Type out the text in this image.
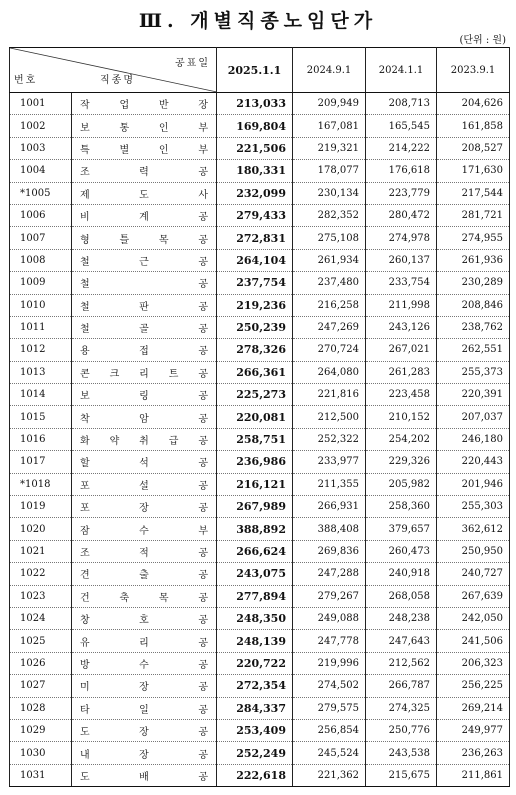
Ⅲ. 개별직종노임단가
(단위 : 원)
공표일
번호 직종명		2025.1.1	2024.9.1	2024.1.1	2023.9.1
1001	작 업 반 장	213,033	209,949	208,713	204,626
1002	보 통 인 부	169,804	167,081	165,545	161,858
1003	특 별 인 부	221,506	219,321	214,222	208,527
1004	조 력 공	180,331	178,077	176,618	171,630
*1005	제 도 사	232,099	230,134	223,779	217,544
1006	비 계 공	279,433	282,352	280,472	281,721
1007	형 틀 목 공	272,831	275,108	274,978	274,955
1008	철 근 공	264,104	261,934	260,137	261,936
1009	철 공	237,754	237,480	233,754	230,289
1010	철 판 공	219,236	216,258	211,998	208,846
1011	철 골 공	250,239	247,269	243,126	238,762
1012	용 접 공	278,326	270,724	267,021	262,551
1013	콘 크 리 트 공	266,361	264,080	261,283	255,373
1014	보 링 공	225,273	221,816	223,458	220,391
1015	착 암 공	220,081	212,500	210,152	207,037
1016	화 약 취 급 공	258,751	252,322	254,202	246,180
1017	할 석 공	236,986	233,977	229,326	220,443
*1018	포 설 공	216,121	211,355	205,982	201,946
1019	포 장 공	267,989	266,931	258,360	255,303
1020	잠 수 부	388,892	388,408	379,657	362,612
1021	조 적 공	266,624	269,836	260,473	250,950
1022	견 출 공	243,075	247,288	240,918	240,727
1023	건 축 목 공	277,894	279,267	268,058	267,639
1024	창 호 공	248,350	249,088	248,238	242,050
1025	유 리 공	248,139	247,778	247,643	241,506
1026	방 수 공	220,722	219,996	212,562	206,323
1027	미 장 공	272,354	274,502	266,787	256,225
1028	타 일 공	284,337	279,575	274,325	269,214
1029	도 장 공	253,409	256,854	250,776	249,977
1030	내 장 공	252,249	245,524	243,538	236,263
1031	도 배 공	222,618	221,362	215,675	211,861
